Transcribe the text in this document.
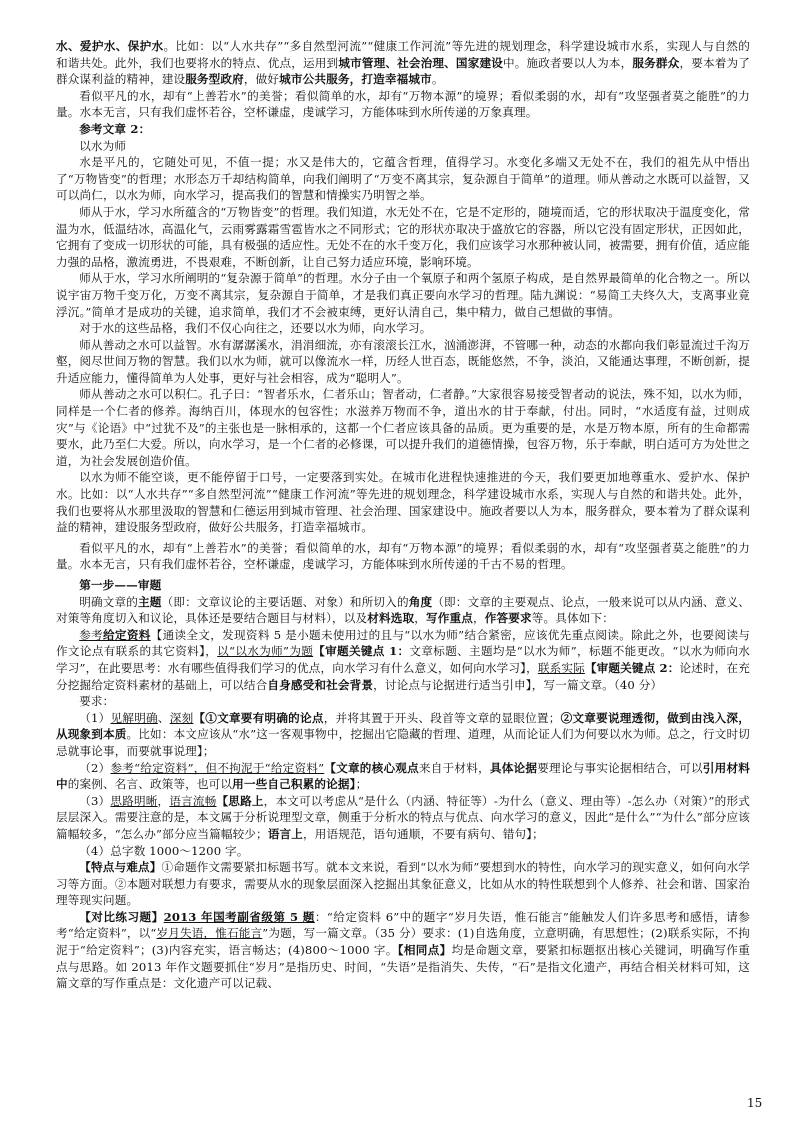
水、爱护水、保护水。比如：以“人水共存”“多自然型河流”“健康工作河流”等先进的规划理念，科学建设城市水系，实现人与自然的和谐共处。此外，我们也要将水的特点、优点，运用到城市管理、社会治理、国家建设中。施政者要以人为本，服务群众，要本着为了群众谋利益的精神，建设服务型政府，做好城市公共服务，打造幸福城市。

看似平凡的水，却有“上善若水”的美誉；看似简单的水，却有“万物本源”的境界；看似柔弱的水，却有“攻坚强者莫之能胜”的力量。水本无言，只有我们虚怀若谷，空杯谦虚，虔诚学习，方能体味到水所传递的万象真理。

参考文章 2：

以水为师

水是平凡的，它随处可见，不值一提；水又是伟大的，它蕴含哲理，值得学习。水变化多端又无处不在，我们的祖先从中悟出了“万物皆变”的哲理；水形态万千却结构简单，向我们阐明了“万变不离其宗，复杂源自于简单”的道理。师从善动之水既可以益智，又可以尚仁，以水为师，向水学习，提高我们的智慧和情操实乃明智之举。

师从于水，学习水所蕴含的“万物皆变”的哲理。我们知道，水无处不在，它是不定形的，随境而适，它的形状取决于温度变化，常温为水，低温结冰，高温化气，云雨雾露霜雪雹皆水之不同形式；它的形状亦取决于盛放它的容器，所以它没有固定形状，正因如此，它拥有了变成一切形状的可能，具有极强的适应性。无处不在的水千变万化，我们应该学习水那种被认同，被需要，拥有价值，适应能力强的品格，激流勇进，不畏艰难，不断创新，让自己努力适应环境，影响环境。

师从于水，学习水所阐明的“复杂源于简单”的哲理。水分子由一个氧原子和两个氢原子构成，是自然界最简单的化合物之一。所以说宇宙万物千变万化，万变不离其宗，复杂源自于简单，才是我们真正要向水学习的哲理。陆九渊说：“易简工夫终久大，支离事业竟浮沉。”简单才是成功的关键，追求简单，我们才不会被束缚，更好认清自己，集中精力，做自己想做的事情。

对于水的这些品格，我们不仅心向往之，还要以水为师，向水学习。

师从善动之水可以益智。水有潺潺溪水，涓涓细流，亦有滚滚长江水，汹涌澎湃，不管哪一种，动态的水都向我们彰显流过千沟万壑，阅尽世间万物的智慧。我们以水为师，就可以像流水一样，历经人世百态，既能悠然，不争，淡泊，又能通达事理，不断创新，提升适应能力，懂得简单为人处事，更好与社会相容，成为“聪明人”。

师从善动之水可以积仁。孔子曰：“智者乐水，仁者乐山；智者动，仁者静。”大家很容易接受智者动的说法，殊不知，以水为师，同样是一个仁者的修养。海纳百川，体现水的包容性；水滋养万物而不争，道出水的甘于奉献，付出。同时，“水适度有益，过则成灾”与《论语》中“过犹不及”的主张也是一脉相承的，这都一个仁者应该具备的品质。更为重要的是，水是万物本原，所有的生命都需要水，此乃至仁大爱。所以，向水学习，是一个仁者的必修课，可以提升我们的道德情操，包容万物，乐于奉献，明白适可方为处世之道，为社会发展创造价值。

以水为师不能空谈，更不能停留于口号，一定要落到实处。在城市化进程快速推进的今天，我们要更加地尊重水、爱护水、保护水。比如：以“人水共存”“多自然型河流”“健康工作河流”等先进的规划理念，科学建设城市水系，实现人与自然的和谐共处。此外，我们也要将从水那里汲取的智慧和仁德运用到城市管理、社会治理、国家建设中。施政者要以人为本，服务群众，要本着为了群众谋利益的精神，建设服务型政府，做好公共服务，打造幸福城市。

看似平凡的水，却有“上善若水”的美誉；看似简单的水，却有“万物本源”的境界；看似柔弱的水，却有“攻坚强者莫之能胜”的力量。水本无言，只有我们虚怀若谷，空杯谦虚，虔诚学习，方能体味到水所传递的千古不易的哲理。

第一步——审题

明确文章的主题（即：文章议论的主要话题、对象）和所切入的角度（即：文章的主要观点、论点，一般来说可以从内涵、意义、对策等角度切入和议论，具体还是要结合题目与材料），以及材料选取，写作重点，作答要求等。具体如下：

参考给定资料【通读全文，发现资料 5 是小题未使用过的且与“以水为师”结合紧密，应该优先重点阅读。除此之外，也要阅读与作文论点有联系的其它资料】，以“以水为师”为题【审题关键点 1：文章标题、主题均是“以水为师”，标题不能更改。“以水为师向水学习”，在此要思考：水有哪些值得我们学习的优点，向水学习有什么意义，如何向水学习】，联系实际【审题关键点 2：论述时，在充分挖掘给定资料素材的基础上，可以结合自身感受和社会背景，讨论点与论据进行适当引申】，写一篇文章。（40 分）

要求：

（1）见解明确、深刻【①文章要有明确的论点，并将其置于开头、段首等文章的显眼位置；②文章要说理透彻，做到由浅入深，从现象到本质。比如：本文应该从“水”这一客观事物中，挖掘出它隐藏的哲理、道理，从而论证人们为何要以水为师。总之，行文时切忌就事论事，而要就事说理】；

（2）参考“给定资料”，但不拘泥于“给定资料”【文章的核心观点来自于材料，具体论据要理论与事实论据相结合，可以引用材料中的案例、名言、政策等，也可以用一些自己积累的论据】；

（3）思路明晰，语言流畅【思路上，本文可以考虑从“是什么（内涵、特征等）-为什么（意义、理由等）-怎么办（对策）”的形式层层深入。需要注意的是，本文属于分析说理型文章，侧重于分析水的特点与优点、向水学习的意义，因此“是什么”“为什么”部分应该篇幅较多，“怎么办”部分应当篇幅较少；语言上，用语规范，语句通顺，不要有病句、错句】；

（4）总字数 1000～1200 字。

【特点与难点】①命题作文需要紧扣标题书写。就本文来说，看到“以水为师”要想到水的特性，向水学习的现实意义，如何向水学习等方面。②本题对联想力有要求，需要从水的现象层面深入挖掘出其象征意义，比如从水的特性联想到个人修养、社会和谐、国家治理等现实问题。

【对比练习题】2013 年国考副省级第 5 题：“给定资料 6”中的题字“岁月失语，惟石能言”能触发人们许多思考和感悟，请参考“给定资料”，以“岁月失语，惟石能言”为题，写一篇文章。（35 分）要求：(1)自选角度，立意明确，有思想性；(2)联系实际，不拘泥于“给定资料”；(3)内容充实，语言畅达；(4)800～1000 字。【相同点】均是命题文章，要紧扣标题抠出核心关键词，明确写作重点与思路。如 2013 年作文题要抓住“岁月”是指历史、时间，“失语”是指消失、失传，“石”是指文化遗产，再结合相关材料可知，这篇文章的写作重点是：文化遗产可以记载、

15
